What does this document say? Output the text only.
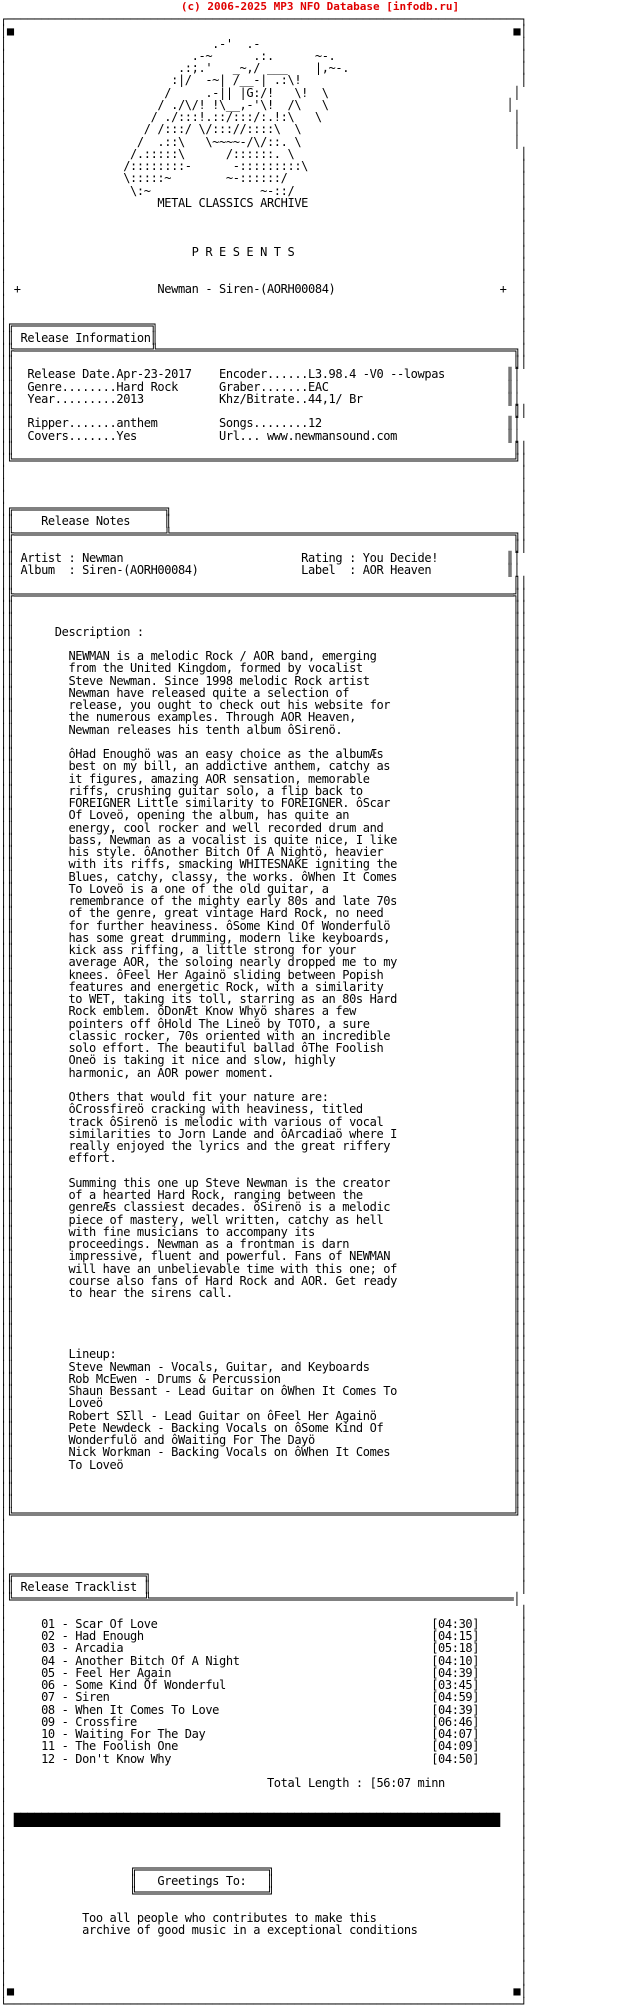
(c) 2006-2025 MP3 NFO Database [infodb.ru]
┌───────────────────────────────────────────────────────────────────────────┐
│■                                                                         ■│
│                              .-'  .-                                      │
│                           .-~      .:.      ~-.                           │
│                         .:;.'   _~,/ ___    |,~-.                         │
│                        :|/  -~| /__-| .:\!                                │
│                       /     .-|| |G:/!   \!  \                           │
│                      / ./\/! !\__,-'\!  /\   \                          │
│                     / ./:::!.::/:::/:.!:\   \                            │
│                    / /:::/ \/::://::::\  \                               │
│                   /  .::\   \~~~~-/\/::. \                               │
│                  /.:::::\      /::::::. \                                 │
│                 /::::::::-      -:::::::::\                               │
│                 \:::::~        ~-::::::/                                  │
│                  \:~                ~-::/                                 │
│                      METAL CLASSICS ARCHIVE                               │
│                                                                           │
│                                                                           │
│                                                                           │
│                           P R E S E N T S                                 │
│                                                                           │
│                                                                           │
│ +                    Newman - Siren-(AORH00084)                        +  │
│                                                                           │
│                                                                           │
│╔════════════════════╗                                                     │
│║ Release Information║                                                     │
│╠════════════════════╩════════════════════════════════════════════════════╗│
│║                                                                         ║│
│║  Release Date.Apr-23-2017    Encoder......L3.98.4 -V0 --lowpas         ║│
│║  Genre........Hard Rock      Graber.......EAC                          ║│
│║  Year.........2013           Khz/Bitrate..44,1/ Br                     ║│
│║                                                                         ║│
│║  Ripper.......anthem         Songs........12                           ║│
│║  Covers.......Yes            Url... www.newmansound.com                ║│
│║                                                                         ║│
│╚═════════════════════════════════════════════════════════════════════════╝│
│                                                                           │
│                                                                           │
│                                                                           │
│╔══════════════════════╗                                                   │
│║    Release Notes     ║                                                   │
│╠══════════════════════╩══════════════════════════════════════════════════╗│
│║                                                                         ║│
│║ Artist : Newman                          Rating : You Decide!          ║│
│║ Album  : Siren-(AORH00084)               Label  : AOR Heaven           ║│
│║                                                                         ║│
│╠═════════════════════════════════════════════════════════════════════════╣│
│║                                                                         ║│
│║                                                                         ║│
│║      Description :                                                      ║│
│║                                                                         ║│
│║        NEWMAN is a melodic Rock / AOR band, emerging                    ║│
│║        from the United Kingdom, formed by vocalist                      ║│
│║        Steve Newman. Since 1998 melodic Rock artist                     ║│
│║        Newman have released quite a selection of                        ║│
│║        release, you ought to check out his website for                  ║│
│║        the numerous examples. Through AOR Heaven,                       ║│
│║        Newman releases his tenth album ôSirenö.                         ║│
│║                                                                         ║│
│║        ôHad Enoughö was an easy choice as the albumÆs                   ║│
│║        best on my bill, an addictive anthem, catchy as                  ║│
│║        it figures, amazing AOR sensation, memorable                     ║│
│║        riffs, crushing guitar solo, a flip back to                      ║│
│║        FOREIGNER Little similarity to FOREIGNER. ôScar                  ║│
│║        Of Loveö, opening the album, has quite an                        ║│
│║        energy, cool rocker and well recorded drum and                   ║│
│║        bass, Newman as a vocalist is quite nice, I like                 ║│
│║        his style. ôAnother Bitch Of A Nightö, heavier                   ║│
│║        with its riffs, smacking WHITESNAKE igniting the                 ║│
│║        Blues, catchy, classy, the works. ôWhen It Comes                 ║│
│║        To Loveö is a one of the old guitar, a                           ║│
│║        remembrance of the mighty early 80s and late 70s                 ║│
│║        of the genre, great vintage Hard Rock, no need                   ║│
│║        for further heaviness. ôSome Kind Of Wonderfulö                  ║│
│║        has some great drumming, modern like keyboards,                  ║│
│║        kick ass riffing, a little strong for your                       ║│
│║        average AOR, the soloing nearly dropped me to my                 ║│
│║        knees. ôFeel Her Againö sliding between Popish                   ║│
│║        features and energetic Rock, with a similarity                   ║│
│║        to WET, taking its toll, starring as an 80s Hard                 ║│
│║        Rock emblem. ôDonÆt Know Whyö shares a few                       ║│
│║        pointers off ôHold The Lineö by TOTO, a sure                     ║│
│║        classic rocker, 70s oriented with an incredible                  ║│
│║        solo effort. The beautiful ballad ôThe Foolish                   ║│
│║        Oneö is taking it nice and slow, highly                          ║│
│║        harmonic, an AOR power moment.                                   ║│
│║                                                                         ║│
│║        Others that would fit your nature are:                           ║│
│║        ôCrossfireö cracking with heaviness, titled                      ║│
│║        track ôSirenö is melodic with various of vocal                   ║│
│║        similarities to Jorn Lande and ôArcadiaö where I                 ║│
│║        really enjoyed the lyrics and the great riffery                  ║│
│║        effort.                                                          ║│
│║                                                                         ║│
│║        Summing this one up Steve Newman is the creator                  ║│
│║        of a hearted Hard Rock, ranging between the                      ║│
│║        genreÆs classiest decades. ôSirenö is a melodic                  ║│
│║        piece of mastery, well written, catchy as hell                   ║│
│║        with fine musicians to accompany its                             ║│
│║        proceedings. Newman as a frontman is darn                        ║│
│║        impressive, fluent and powerful. Fans of NEWMAN                  ║│
│║        will have an unbelievable time with this one; of                 ║│
│║        course also fans of Hard Rock and AOR. Get ready                 ║│
│║        to hear the sirens call.                                         ║│
│║                                                                         ║│
│║                                                                         ║│
│║                                                                         ║│
│║                                                                         ║│
│║        Lineup:                                                          ║│
│║        Steve Newman - Vocals, Guitar, and Keyboards                     ║│
│║        Rob McEwen - Drums & Percussion                                  ║│
│║        Shaun Bessant - Lead Guitar on ôWhen It Comes To                 ║│
│║        Loveö                                                            ║│
│║        Robert SΣll - Lead Guitar on ôFeel Her Againö                    ║│
│║        Pete Newdeck - Backing Vocals on ôSome Kind Of                   ║│
│║        Wonderfulö and ôWaiting For The Dayö                             ║│
│║        Nick Workman - Backing Vocals on ôWhen It Comes                  ║│
│║        To Loveö                                                         ║│
│║                                                                         ║│
│║                                                                         ║│
│║                                                                         ║│
│╚═════════════════════════════════════════════════════════════════════════╝│
│                                                                           │
│                                                                           │
│                                                                           │
│                                                                           │
│╔═══════════════════╗                                                      │
│║ Release Tracklist ║                                                      │
│╚═══════════════════╩═════════════════════════════════════════════════════│
│                                                                           │
│     01 - Scar Of Love                                        [04:30]      │
│     02 - Had Enough                                          [04:15]      │
│     03 - Arcadia                                             [05:18]      │
│     04 - Another Bitch Of A Night                            [04:10]      │
│     05 - Feel Her Again                                      [04:39]      │
│     06 - Some Kind Of Wonderful                              [03:45]      │
│     07 - Siren                                               [04:59]      │
│     08 - When It Comes To Love                               [04:39]      │
│     09 - Crossfire                                           [06:46]      │
│     10 - Waiting For The Day                                 [04:07]      │
│     11 - The Foolish One                                     [04:09]      │
│     12 - Don't Know Why                                      [04:50]      │
│                                                                           │
│                                      Total Length : [56:07 minn           │
│                                                                           │
│                                                                           │
│ ███████████████████████████████████████████████████████████████████████   │
│                                                                           │
│                                                                           │
│                                                                           │
│                  ╔═══════════════════╗                                    │
│                  ║   Greetings To:   ║                                    │
│                  ╚═══════════════════╝                                    │
│                                                                           │
│           Too all people who contributes to make this                     │
│           archive of good music in a exceptional conditions               │
│                                                                           │
│                                                                           │
│                                                                           │
│                                                                           │
│■                                                                         ■│
└───────────────────────────────────────────────────────────────────────────┘
